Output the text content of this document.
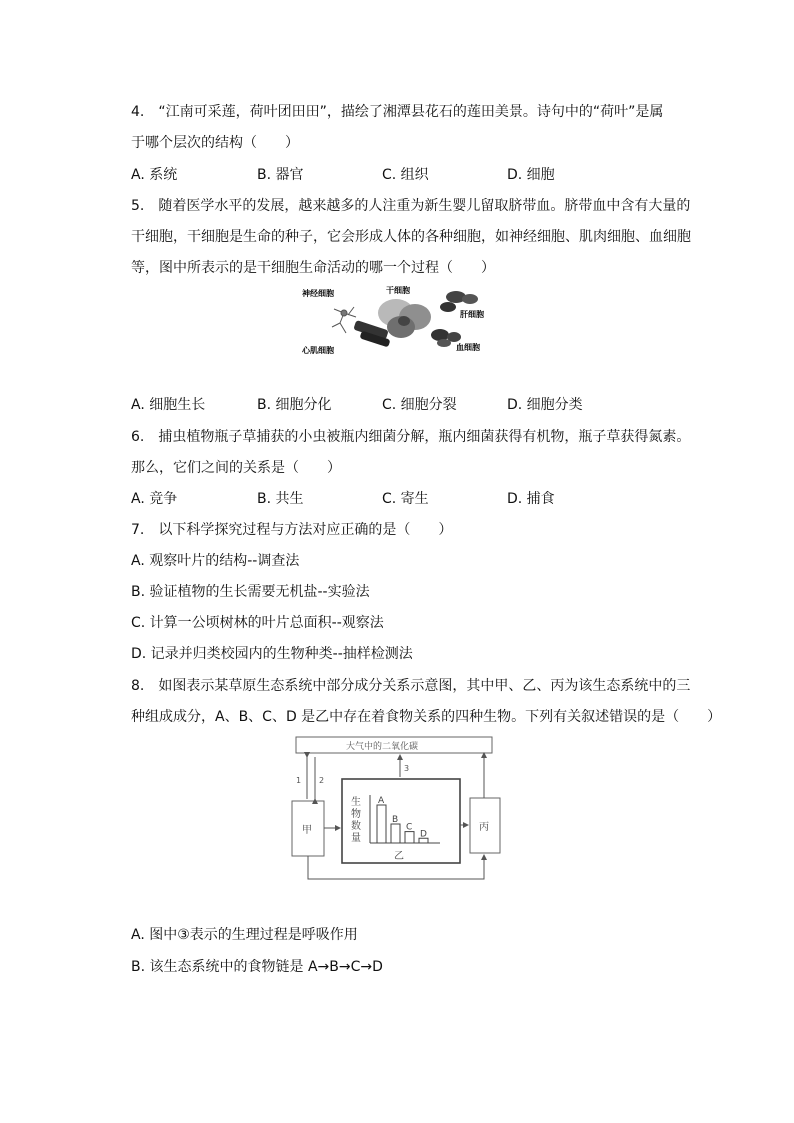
4.　“江南可采莲，荷叶团田田”，描绘了湘潭县花石的莲田美景。诗句中的“荷叶”是属
于哪个层次的结构（　　）
A. 系统	B. 器官	C. 组织	D. 细胞
5.　随着医学水平的发展，越来越多的人注重为新生婴儿留取脐带血。脐带血中含有大量的
干细胞，干细胞是生命的种子，它会形成人体的各种细胞，如神经细胞、肌肉细胞、血细胞
等，图中所表示的是干细胞生命活动的哪一个过程（　　）
神经细胞	干细胞
肝细胞
心肌细胞	血细胞
A. 细胞生长	B. 细胞分化	C. 细胞分裂	D. 细胞分类
6.　捕虫植物瓶子草捕获的小虫被瓶内细菌分解，瓶内细菌获得有机物，瓶子草获得氮素。
那么，它们之间的关系是（　　）
A. 竞争	B. 共生	C. 寄生	D. 捕食
7.　以下科学探究过程与方法对应正确的是（　　）
A. 观察叶片的结构--调查法
B. 验证植物的生长需要无机盐--实验法
C. 计算一公顷树林的叶片总面积--观察法
D. 记录并归类校园内的生物种类--抽样检测法
8.　如图表示某草原生态系统中部分成分关系示意图，其中甲、乙、丙为该生态系统中的三
种组成成分，A、B、C、D 是乙中存在着食物关系的四种生物。下列有关叙述错误的是（　　）
大气中的二氧化碳
甲
乙
丙
1 2
3
生
物
数
量
A
B
C
D
A. 图中③表示的生理过程是呼吸作用
B. 该生态系统中的食物链是 A→B→C→D
